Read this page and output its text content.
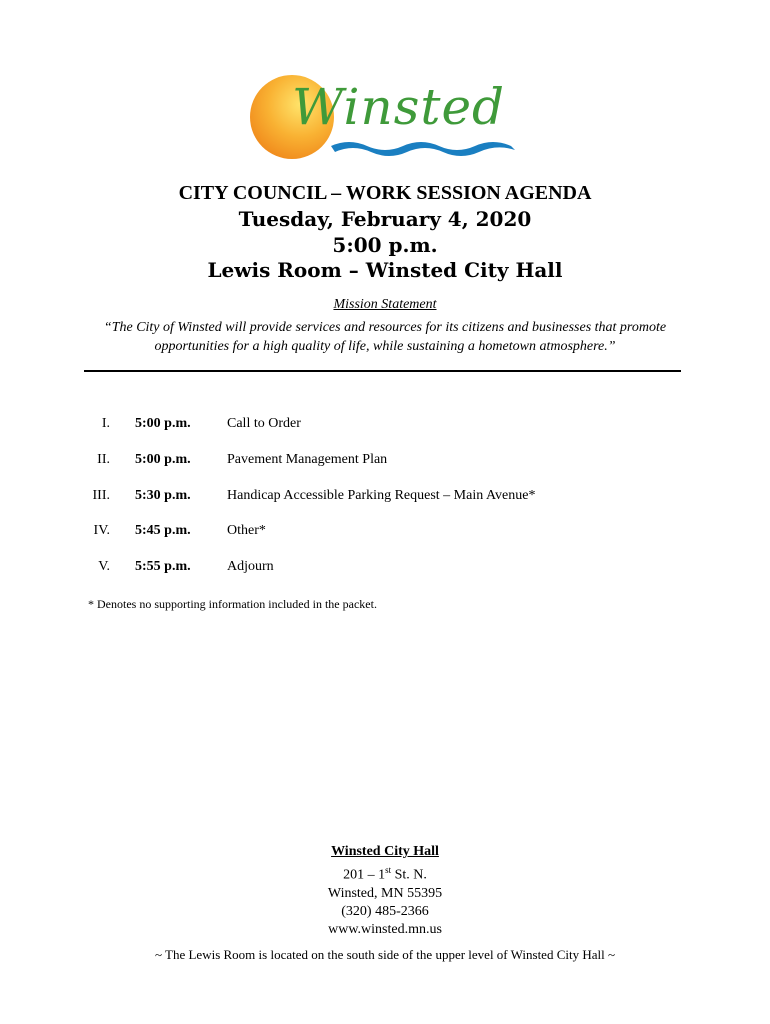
Winsted
CITY COUNCIL – WORK SESSION AGENDA
Tuesday, February 4, 2020
5:00 p.m.
Lewis Room – Winsted City Hall
Mission Statement
“The City of Winsted will provide services and resources for its citizens and businesses that promote opportunities for a high quality of life, while sustaining a hometown atmosphere.”
I. 5:00 p.m.	Call to Order
II. 5:00 p.m.	Pavement Management Plan
III. 5:30 p.m.	Handicap Accessible Parking Request – Main Avenue*
IV. 5:45 p.m.	Other*
V. 5:55 p.m.	Adjourn
* Denotes no supporting information included in the packet.
Winsted City Hall
201 – 1st St. N.
Winsted, MN 55395
(320) 485-2366
www.winsted.mn.us
~ The Lewis Room is located on the south side of the upper level of Winsted City Hall ~
